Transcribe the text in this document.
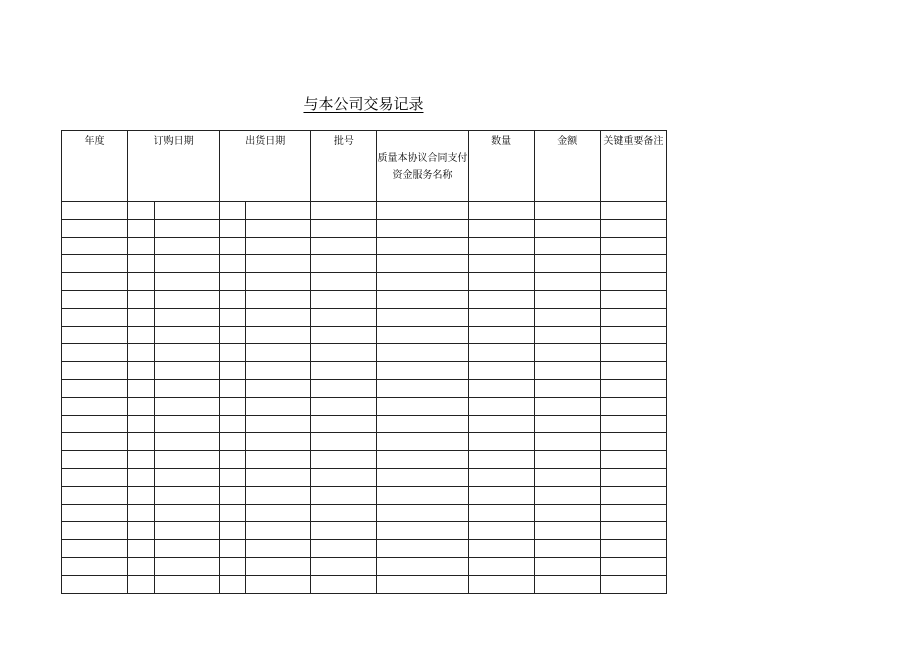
与本公司交易记录
年度	订购日期		出货日期		批号	质量本协议合同支付资金服务名称	数量	金额	关键重要备注
